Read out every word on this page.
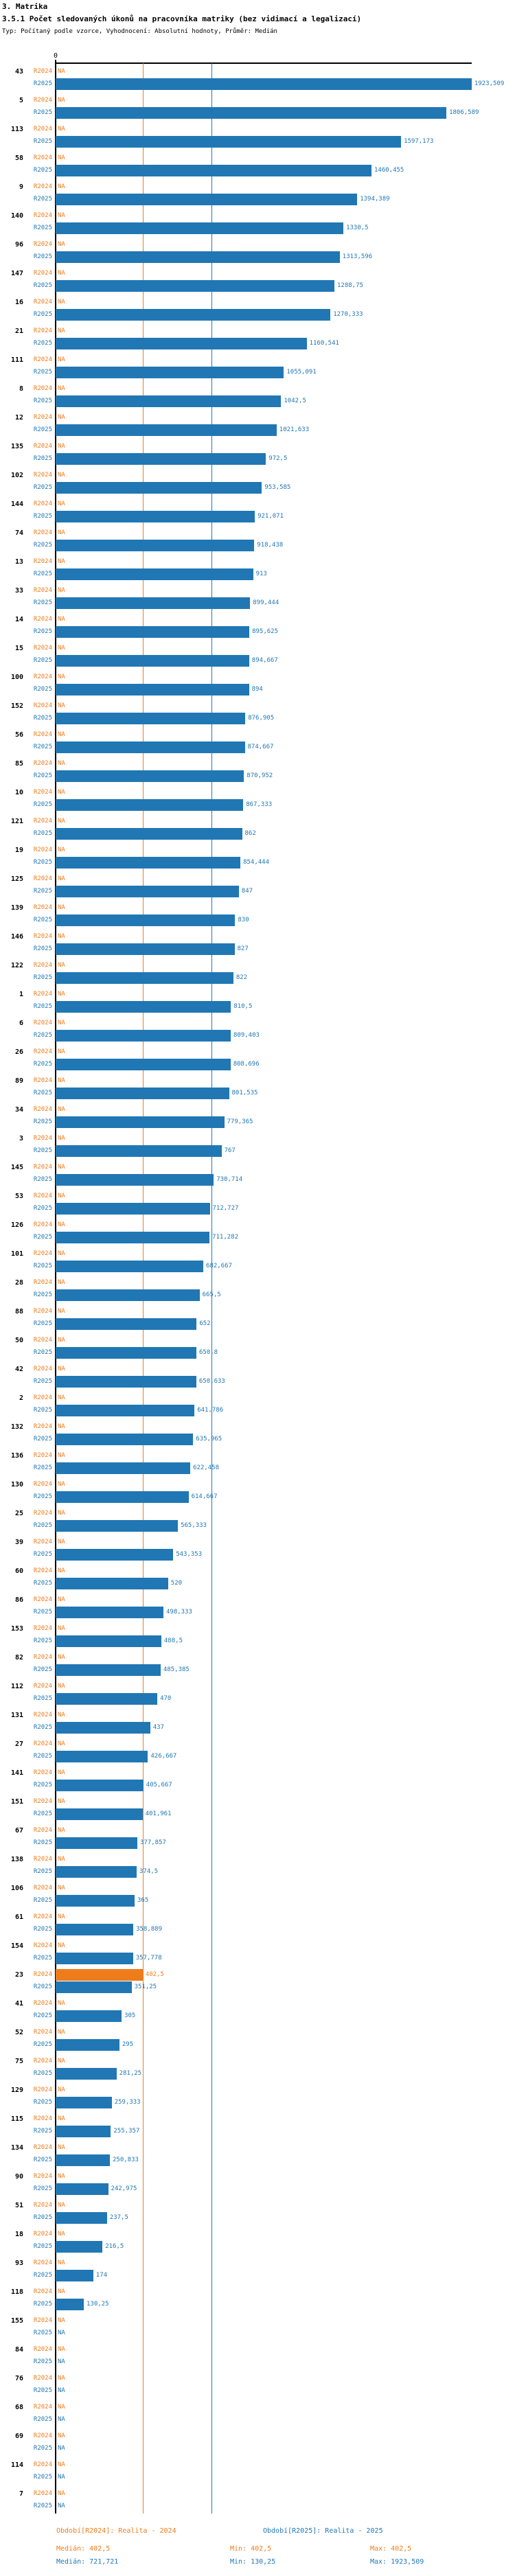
3. Matrika
3.5.1 Počet sledovaných úkonů na pracovníka matriky (bez vidimací a legalizací)
Typ: Počítaný podle vzorce, Vyhodnocení: Absolutní hodnoty, Průměr: Medián
0
43	R2024 NA
R2025	1923,509
5	R2024 NA
R2025	1806,589
113	R2024 NA
R2025	1597,173
58	R2024 NA
R2025	1460,455
9	R2024 NA
R2025	1394,389
140	R2024 NA
R2025	1330,5
96	R2024 NA
R2025	1313,596
147	R2024 NA
R2025	1288,75
16	R2024 NA
R2025	1270,333
21	R2024 NA
R2025	1160,541
111	R2024 NA
R2025	1055,091
8	R2024 NA
R2025	1042,5
12	R2024 NA
R2025	1021,633
135	R2024 NA
R2025	972,5
102	R2024 NA
R2025	953,585
144	R2024 NA
R2025	921,071
74	R2024 NA
R2025	918,438
13	R2024 NA
R2025	913
33	R2024 NA
R2025	899,444
14	R2024 NA
R2025	895,625
15	R2024 NA
R2025	894,667
100	R2024 NA
R2025	894
152	R2024 NA
R2025	876,905
56	R2024 NA
R2025	874,667
85	R2024 NA
R2025	870,952
10	R2024 NA
R2025	867,333
121	R2024 NA
R2025	862
19	R2024 NA
R2025	854,444
125	R2024 NA
R2025	847
139	R2024 NA
R2025	830
146	R2024 NA
R2025	827
122	R2024 NA
R2025	822
1	R2024 NA
R2025	810,5
6	R2024 NA
R2025	809,403
26	R2024 NA
R2025	808,696
89	R2024 NA
R2025	801,535
34	R2024 NA
R2025	779,365
3	R2024 NA
R2025	767
145	R2024 NA
R2025	730,714
53	R2024 NA
R2025	712,727
126	R2024 NA
R2025	711,282
101	R2024 NA
R2025	682,667
28	R2024 NA
R2025	665,5
88	R2024 NA
R2025	652
50	R2024 NA
R2025	650,8
42	R2024 NA
R2025	650,633
2	R2024 NA
R2025	641,786
132	R2024 NA
R2025	635,965
136	R2024 NA
R2025	622,458
130	R2024 NA
R2025	614,667
25	R2024 NA
R2025	565,333
39	R2024 NA
R2025	543,353
60	R2024 NA
R2025	520
86	R2024 NA
R2025	498,333
153	R2024 NA
R2025	488,5
82	R2024 NA
R2025	485,385
112	R2024 NA
R2025	470
131	R2024 NA
R2025	437
27	R2024 NA
R2025	426,667
141	R2024 NA
R2025	405,667
151	R2024 NA
R2025	401,961
67	R2024 NA
R2025	377,857
138	R2024 NA
R2025	374,5
106	R2024 NA
R2025	365
61	R2024 NA
R2025	358,889
154	R2024 NA
R2025	357,778
23	R2024	402,5
R2025	351,25
41	R2024 NA
R2025	305
52	R2024 NA
R2025	295
75	R2024 NA
R2025	281,25
129	R2024 NA
R2025	259,333
115	R2024 NA
R2025	255,357
134	R2024 NA
R2025	250,833
90	R2024 NA
R2025	242,975
51	R2024 NA
R2025	237,5
18	R2024 NA
R2025	216,5
93	R2024 NA
R2025	174
118	R2024 NA
R2025	130,25
155	R2024 NA
R2025 NA
84	R2024 NA
R2025 NA
76	R2024 NA
R2025 NA
68	R2024 NA
R2025 NA
69	R2024 NA
R2025 NA
114	R2024 NA
R2025 NA
7	R2024 NA
R2025 NA
Období[R2024]: Realita - 2024	Období[R2025]: Realita - 2025
Medián: 402,5	Min: 402,5	Max: 402,5
Medián: 721,721	Min: 130,25	Max: 1923,509
